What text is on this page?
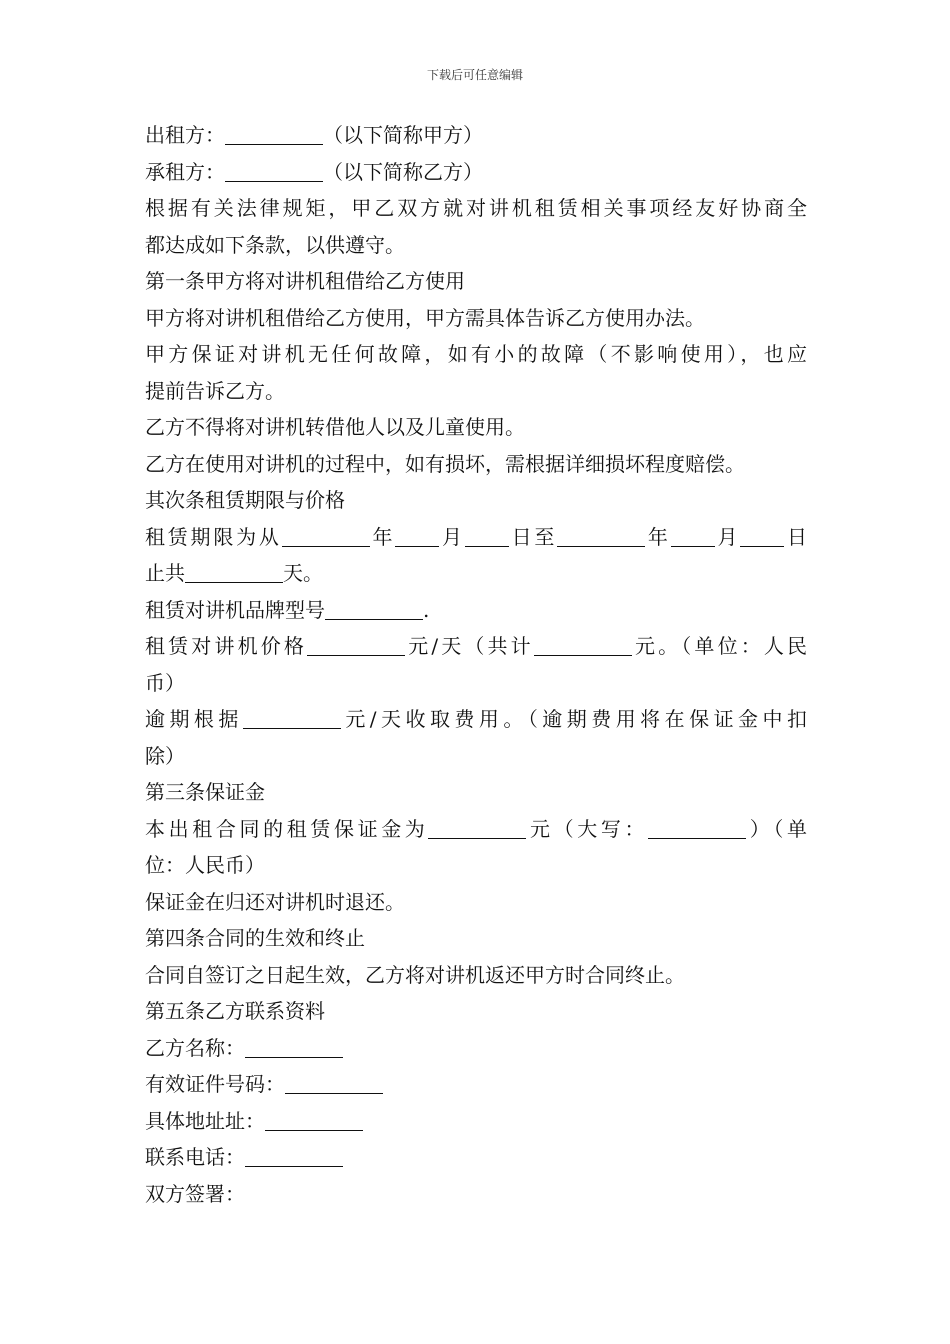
下载后可任意编辑
出租方：	（以下简称甲方）
承租方：	（以下简称乙方）
根据有关法律规矩，甲乙双方就对讲机租赁相关事项经友好协商全
都达成如下条款，以供遵守。
第一条甲方将对讲机租借给乙方使用
甲方将对讲机租借给乙方使用，甲方需具体告诉乙方使用办法。
甲方保证对讲机无任何故障，如有小的故障（不影响使用），也应
提前告诉乙方。
乙方不得将对讲机转借他人以及儿童使用。
乙方在使用对讲机的过程中，如有损坏，需根据详细损坏程度赔偿。
其次条租赁期限与价格
租赁期限为从	年 月 日至	年 月 日
止共	天。
租赁对讲机品牌型号	.
租赁对讲机价格	元/天（共计	元。（单位：人民
币）
逾期根据	元/天收取费用。（逾期费用将在保证金中扣
除）
第三条保证金
本出租合同的租赁保证金为	元（大写：	）（单
位：人民币）
保证金在归还对讲机时退还。
第四条合同的生效和终止
合同自签订之日起生效，乙方将对讲机返还甲方时合同终止。
第五条乙方联系资料
乙方名称：
有效证件号码：
具体地址址：
联系电话：
双方签署：
